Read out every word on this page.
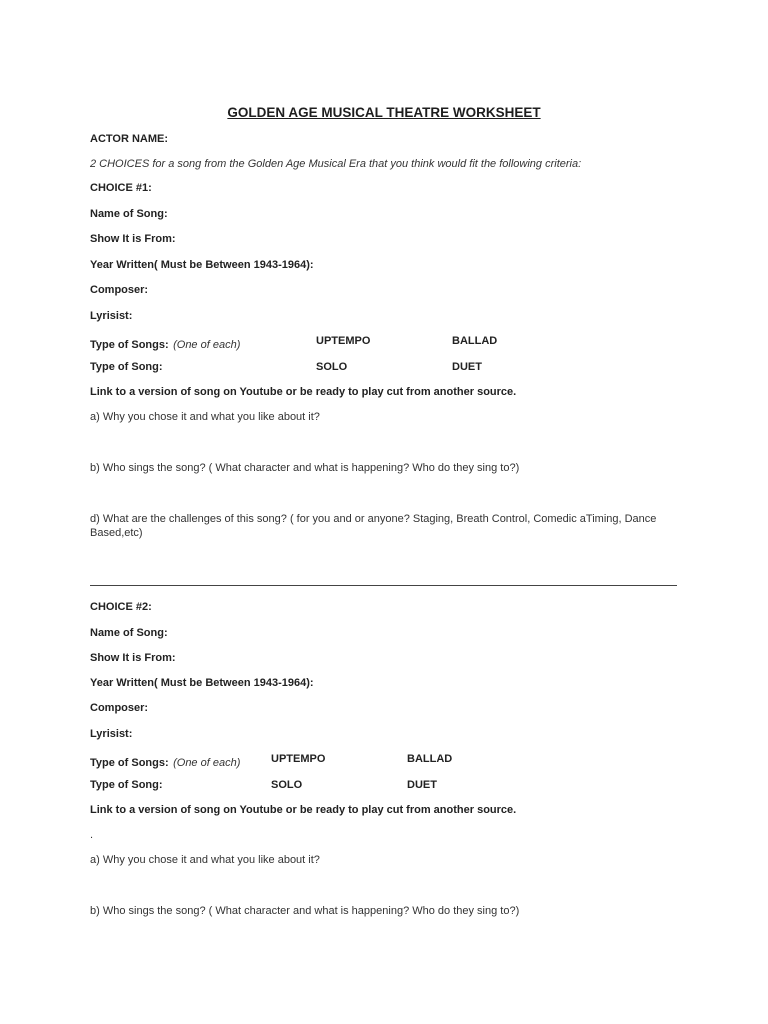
GOLDEN AGE MUSICAL THEATRE WORKSHEET
ACTOR NAME:
2 CHOICES for a song from the Golden Age Musical Era that you think would fit the following criteria:
CHOICE #1:
Name of Song:
Show It is From:
Year Written( Must be Between 1943-1964):
Composer:
Lyrisist:
Type of Songs: (One of each)	UPTEMPO	BALLAD
Type of Song:	SOLO	DUET
Link to a version of song on Youtube or be ready to play cut from another source.
a) Why you chose it and what you like about it?
b) Who sings the song? ( What character and what is happening? Who do they sing to?)
d) What are the challenges of this song? ( for you and or anyone? Staging, Breath Control, Comedic aTiming, Dance Based,etc)
CHOICE #2:
Name of Song:
Show It is From:
Year Written( Must be Between 1943-1964):
Composer:
Lyrisist:
Type of Songs: (One of each)	UPTEMPO	BALLAD
Type of Song:	SOLO	DUET
Link to a version of song on Youtube or be ready to play cut from another source.
.
a) Why you chose it and what you like about it?
b) Who sings the song? ( What character and what is happening? Who do they sing to?)
